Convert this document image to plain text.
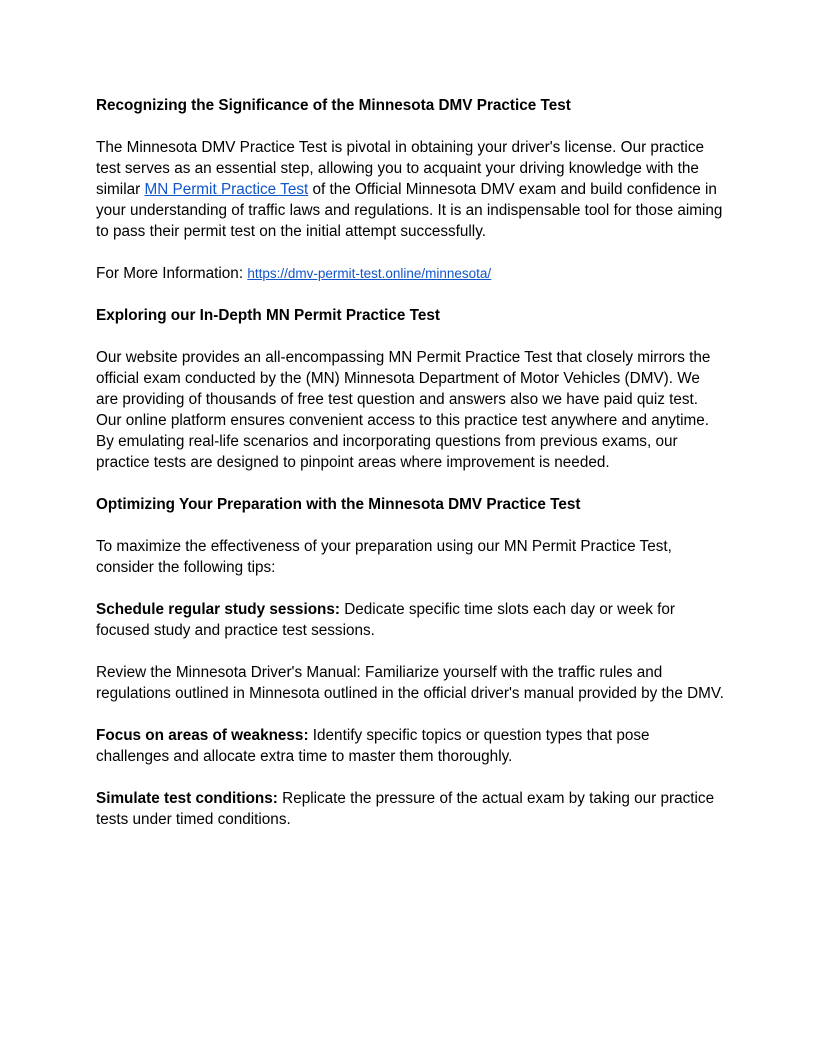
Recognizing the Significance of the Minnesota DMV Practice Test

The Minnesota DMV Practice Test is pivotal in obtaining your driver's license. Our practice test serves as an essential step, allowing you to acquaint your driving knowledge with the similar MN Permit Practice Test of the Official Minnesota DMV exam and build confidence in your understanding of traffic laws and regulations. It is an indispensable tool for those aiming to pass their permit test on the initial attempt successfully.

For More Information: https://dmv-permit-test.online/minnesota/

Exploring our In-Depth MN Permit Practice Test

Our website provides an all-encompassing MN Permit Practice Test that closely mirrors the official exam conducted by the (MN) Minnesota Department of Motor Vehicles (DMV). We are providing of thousands of free test question and answers also we have paid quiz test. Our online platform ensures convenient access to this practice test anywhere and anytime. By emulating real-life scenarios and incorporating questions from previous exams, our practice tests are designed to pinpoint areas where improvement is needed.

Optimizing Your Preparation with the Minnesota DMV Practice Test

To maximize the effectiveness of your preparation using our MN Permit Practice Test, consider the following tips:

Schedule regular study sessions: Dedicate specific time slots each day or week for focused study and practice test sessions.

Review the Minnesota Driver's Manual: Familiarize yourself with the traffic rules and regulations outlined in Minnesota outlined in the official driver's manual provided by the DMV.

Focus on areas of weakness: Identify specific topics or question types that pose challenges and allocate extra time to master them thoroughly.

Simulate test conditions: Replicate the pressure of the actual exam by taking our practice tests under timed conditions.
